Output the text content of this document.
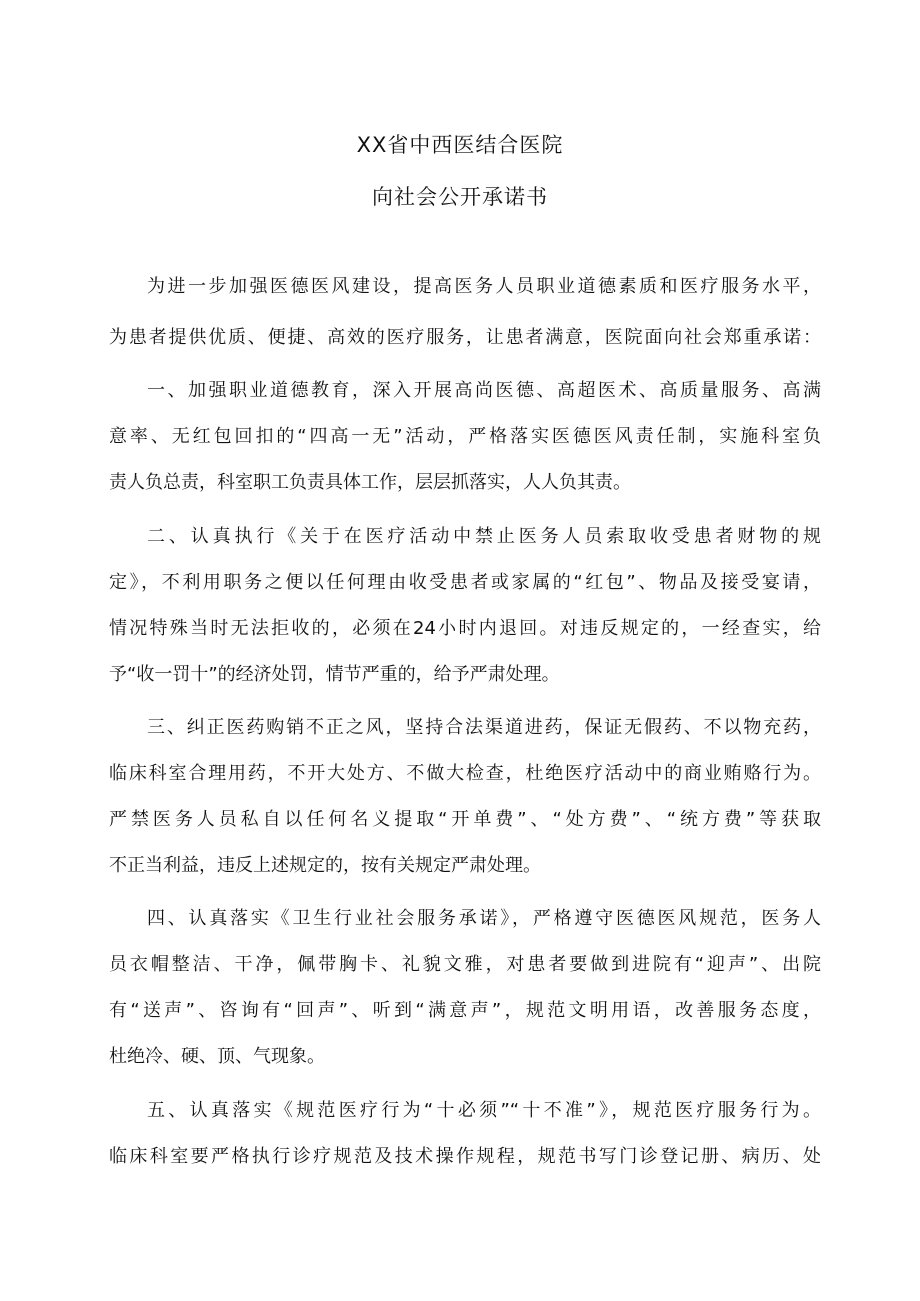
XX省中西医结合医院
向社会公开承诺书
为进一步加强医德医风建设，提高医务人员职业道德素质和医疗服务水平，
为患者提供优质、便捷、高效的医疗服务，让患者满意，医院面向社会郑重承诺：
一、加强职业道德教育，深入开展高尚医德、高超医术、高质量服务、高满
意率、无红包回扣的“四高一无”活动，严格落实医德医风责任制，实施科室负
责人负总责，科室职工负责具体工作，层层抓落实，人人负其责。
二、认真执行《关于在医疗活动中禁止医务人员索取收受患者财物的规
定》，不利用职务之便以任何理由收受患者或家属的“红包”、物品及接受宴请，
情况特殊当时无法拒收的，必须在24小时内退回。对违反规定的，一经查实，给
予“收一罚十”的经济处罚，情节严重的，给予严肃处理。
三、纠正医药购销不正之风，坚持合法渠道进药，保证无假药、不以物充药，
临床科室合理用药，不开大处方、不做大检查，杜绝医疗活动中的商业贿赂行为。
严禁医务人员私自以任何名义提取“开单费”、“处方费”、“统方费”等获取
不正当利益，违反上述规定的，按有关规定严肃处理。
四、认真落实《卫生行业社会服务承诺》，严格遵守医德医风规范，医务人
员衣帽整洁、干净，佩带胸卡、礼貌文雅，对患者要做到进院有“迎声”、出院
有“送声”、咨询有“回声”、听到“满意声”，规范文明用语，改善服务态度，
杜绝冷、硬、顶、气现象。
五、认真落实《规范医疗行为“十必须”“十不准”》，规范医疗服务行为。
临床科室要严格执行诊疗规范及技术操作规程，规范书写门诊登记册、病历、处
